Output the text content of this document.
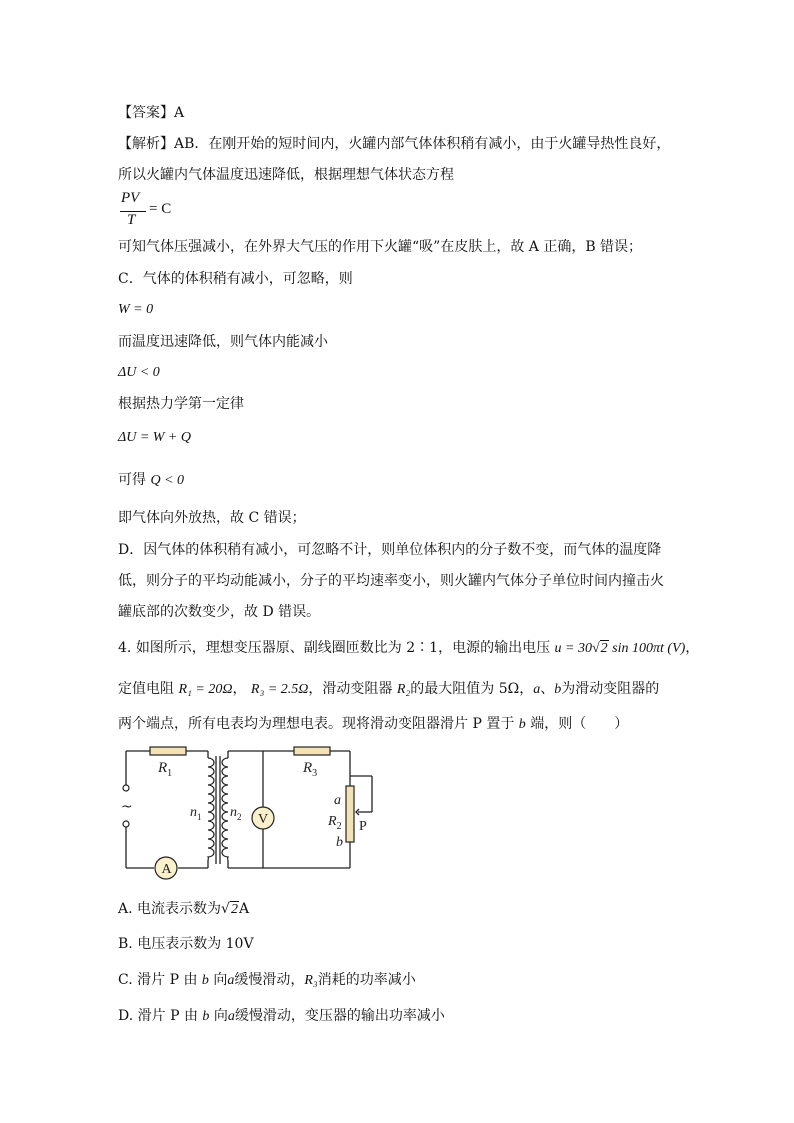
【答案】A
【解析】AB．在刚开始的短时间内，火罐内部气体体积稍有减小，由于火罐导热性良好，
所以火罐内气体温度迅速降低，根据理想气体状态方程
PV
T
= C
可知气体压强减小，在外界大气压的作用下火罐“吸”在皮肤上，故 A 正确，B 错误；
C．气体的体积稍有减小，可忽略，则
W = 0
而温度迅速降低，则气体内能减小
ΔU < 0
根据热力学第一定律
ΔU = W + Q
可得 Q < 0
即气体向外放热，故 C 错误；
D．因气体的体积稍有减小，可忽略不计，则单位体积内的分子数不变，而气体的温度降
低，则分子的平均动能减小，分子的平均速率变小，则火罐内气体分子单位时间内撞击火
罐底部的次数变少，故 D 错误。
4. 如图所示，理想变压器原、副线圈匝数比为 2∶1，电源的输出电压 u = 30√2 sin 100πt (V)，
定值电阻 R₁ = 20Ω， R₃ = 2.5Ω，滑动变阻器 R₂的最大阻值为 5Ω，a、b为滑动变阻器的
两个端点，所有电表均为理想电表。现将滑动变阻器滑片 P 置于 b 端，则（　　）
~
A
V
$R_1$	$R_3$
$R_2$
$n_1$ $n_2$
a
b
P
A. 电流表示数为√2A
B. 电压表示数为 10V
C. 滑片 P 由 b 向a缓慢滑动，R₃消耗的功率减小
D. 滑片 P 由 b 向a缓慢滑动，变压器的输出功率减小
